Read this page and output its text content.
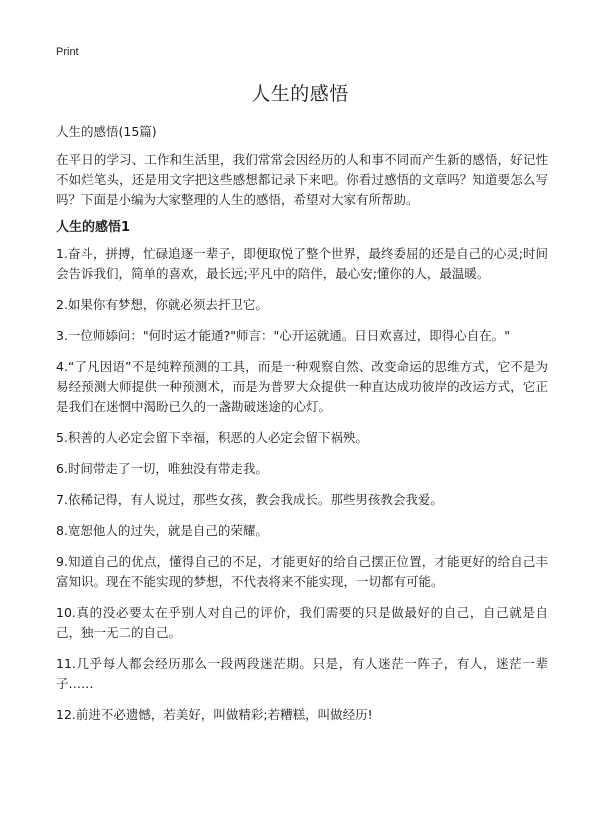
Print
人生的感悟

人生的感悟(15篇)

在平日的学习、工作和生活里，我们常常会因经历的人和事不同而产生新的感悟，好记性不如烂笔头，还是用文字把这些感想都记录下来吧。你看过感悟的文章吗？知道要怎么写吗？下面是小编为大家整理的人生的感悟，希望对大家有所帮助。

人生的感悟1
1.奋斗，拼搏，忙碌追逐一辈子，即便取悦了整个世界，最终委屈的还是自己的心灵;时间会告诉我们，简单的喜欢，最长远;平凡中的陪伴，最心安;懂你的人，最温暖。
2.如果你有梦想，你就必须去扞卫它。
3.一位师婖问："何时运才能通?"师言："心开运就通。日日欢喜过，即得心自在。"
4.“了凡因语”不是纯粹预测的工具，而是一种观察自然、改变命运的思维方式，它不是为易经预测大师提供一种预测术，而是为普罗大众提供一种直达成功彼岸的改运方式，它正是我们在迷惘中渴盼已久的一盏勘破迷途的心灯。
5.积善的人必定会留下幸福，积恶的人必定会留下祸殃。
6.时间带走了一切，唯独没有带走我。
7.依稀记得，有人说过，那些女孩，教会我成长。那些男孩教会我爱。
8.宽恕他人的过失，就是自己的荣耀。
9.知道自己的优点，懂得自己的不足，才能更好的给自己摆正位置，才能更好的给自己丰富知识。现在不能实现的梦想，不代表将来不能实现，一切都有可能。
10.真的没必要太在乎别人对自己的评价，我们需要的只是做最好的自己，自己就是自己，独一无二的自己。
11.几乎每人都会经历那么一段两段迷茫期。只是，有人迷茫一阵子，有人，迷茫一辈子……
12.前进不必遗憾，若美好，叫做精彩;若糟糕，叫做经历!
